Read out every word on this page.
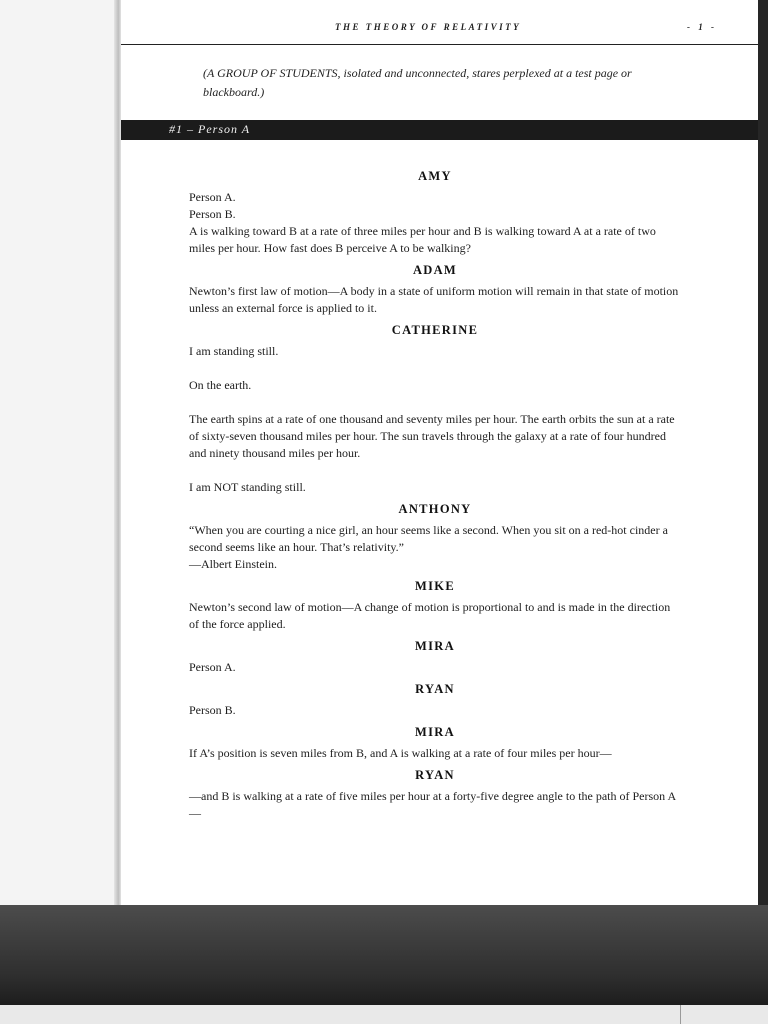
THE THEORY OF RELATIVITY	- 1 -
(A GROUP OF STUDENTS, isolated and unconnected, stares perplexed at a test page or blackboard.)
#1 – Person A
AMY

Person A.

Person B.

A is walking toward B at a rate of three miles per hour and B is walking toward A at a rate of two miles per hour. How fast does B perceive A to be walking?

ADAM

Newton’s first law of motion—A body in a state of uniform motion will remain in that state of motion unless an external force is applied to it.

CATHERINE

I am standing still.

On the earth.

The earth spins at a rate of one thousand and seventy miles per hour. The earth orbits the sun at a rate of sixty-seven thousand miles per hour. The sun travels through the galaxy at a rate of four hundred and ninety thousand miles per hour.

I am NOT standing still.

ANTHONY

“When you are courting a nice girl, an hour seems like a second. When you sit on a red-hot cinder a second seems like an hour. That’s relativity.”

—Albert Einstein.

MIKE

Newton’s second law of motion—A change of motion is proportional to and is made in the direction of the force applied.

MIRA

Person A.

RYAN

Person B.

MIRA

If A’s position is seven miles from B, and A is walking at a rate of four miles per hour—

RYAN

—and B is walking at a rate of five miles per hour at a forty-five degree angle to the path of Person A—
